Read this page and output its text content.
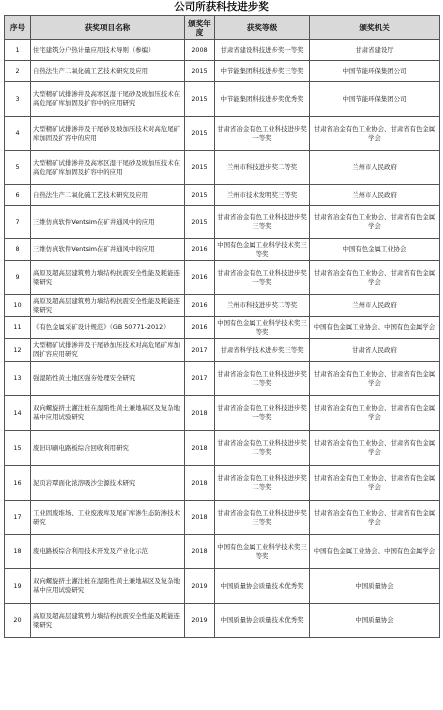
公司所获科技进步奖
序号	获奖项目名称	颁奖年度	获奖等级	颁奖机关
1	住宅建筑分户热计量应用技术导则（参编）	2008	甘肃省建设科技进步奖一等奖	甘肃省建设厅
2	自热法生产二氧化硫工艺技术研究及应用	2015	中节能集团科技进步奖三等奖	中国节能环保集团公司
3	大型精矿试排渗井及高寒区湿干尾砂及坡加压技术在高危尾矿库加固及扩容中的应用研究	2015	中节能集团科技进步奖优秀奖	中国节能环保集团公司
4	大型精矿试排渗井及干尾砂及坡加压技术对高危尾矿库加固及扩容中的应用	2015	甘肃省冶金有色工业科技进步奖一等奖	甘肃省冶金有色工业协会、甘肃省有色金属学会
5	大型精矿试排渗井及高寒区湿干尾砂及坡加压技术在高危尾矿库加固及扩容中的应用	2015	兰州市科技进步奖二等奖	兰州市人民政府
6	自热法生产二氧化硫工艺技术研究及应用	2015	兰州市技术发明奖三等奖	兰州市人民政府
7	三维仿真软件Ventsim在矿井通风中的应用	2015	甘肃省冶金有色工业科技进步奖三等奖	甘肃省冶金有色工业协会、甘肃省有色金属学会
8	三维仿真软件Ventsim在矿井通风中的应用	2016	中国有色金属工业科学技术奖三等奖	中国有色金属工业协会
9	高原及超高层建筑剪力墙结构抗震安全性能及耗能连梁研究	2016	甘肃省冶金有色工业科技进步奖一等奖	甘肃省冶金有色工业协会、甘肃省有色金属学会
10	高原及超高层建筑剪力墙结构抗震安全性能及耗能连梁研究	2016	兰州市科技进步奖二等奖	兰州市人民政府
11	《有色金属采矿设计规范》（GB 50771-2012）	2016	中国有色金属工业科学技术奖三等奖	中国有色金属工业协会、中国有色金属学会
12	大型精矿试排渗井及干尾砂加压技术对高危尾矿库加固扩容应用研究	2017	甘肃省科学技术进步奖三等奖	甘肃省人民政府
13	强湿陷性黄土地区强夯处理安全研究	2017	甘肃省冶金有色工业科技进步奖二等奖	甘肃省冶金有色工业协会、甘肃省有色金属学会
14	双向螺旋挤土灌注桩在湿陷性黄土兼地基区及复杂地基中应用试验研究	2018	甘肃省冶金有色工业科技进步奖一等奖	甘肃省冶金有色工业协会、甘肃省有色金属学会
15	废旧印刷电路板综合回收利用研究	2018	甘肃省冶金有色工业科技进步奖二等奖	甘肃省冶金有色工业协会、甘肃省有色金属学会
16	泥页岩覃面化浓溶吸沙尘源技术研究	2018	甘肃省冶金有色工业科技进步奖二等奖	甘肃省冶金有色工业协会、甘肃省有色金属学会
17	工业固废堆场、工业废液库及尾矿库渗生态防渗技术研究	2018	甘肃省冶金有色工业科技进步奖三等奖	甘肃省冶金有色工业协会、甘肃省有色金属学会
18	废电路板综合利用技术开发及产业化示范	2018	中国有色金属工业科学技术奖三等奖	中国有色金属工业协会、中国有色金属学会
19	双向螺旋挤土灌注桩在湿陷性黄土兼地基区及复杂地基中应用试验研究	2019	中国质量协会质量技术优秀奖	中国质量协会
20	高原及超高层建筑剪力墙结构抗震安全性能及耗能连梁研究	2019	中国质量协会质量技术优秀奖	中国质量协会
